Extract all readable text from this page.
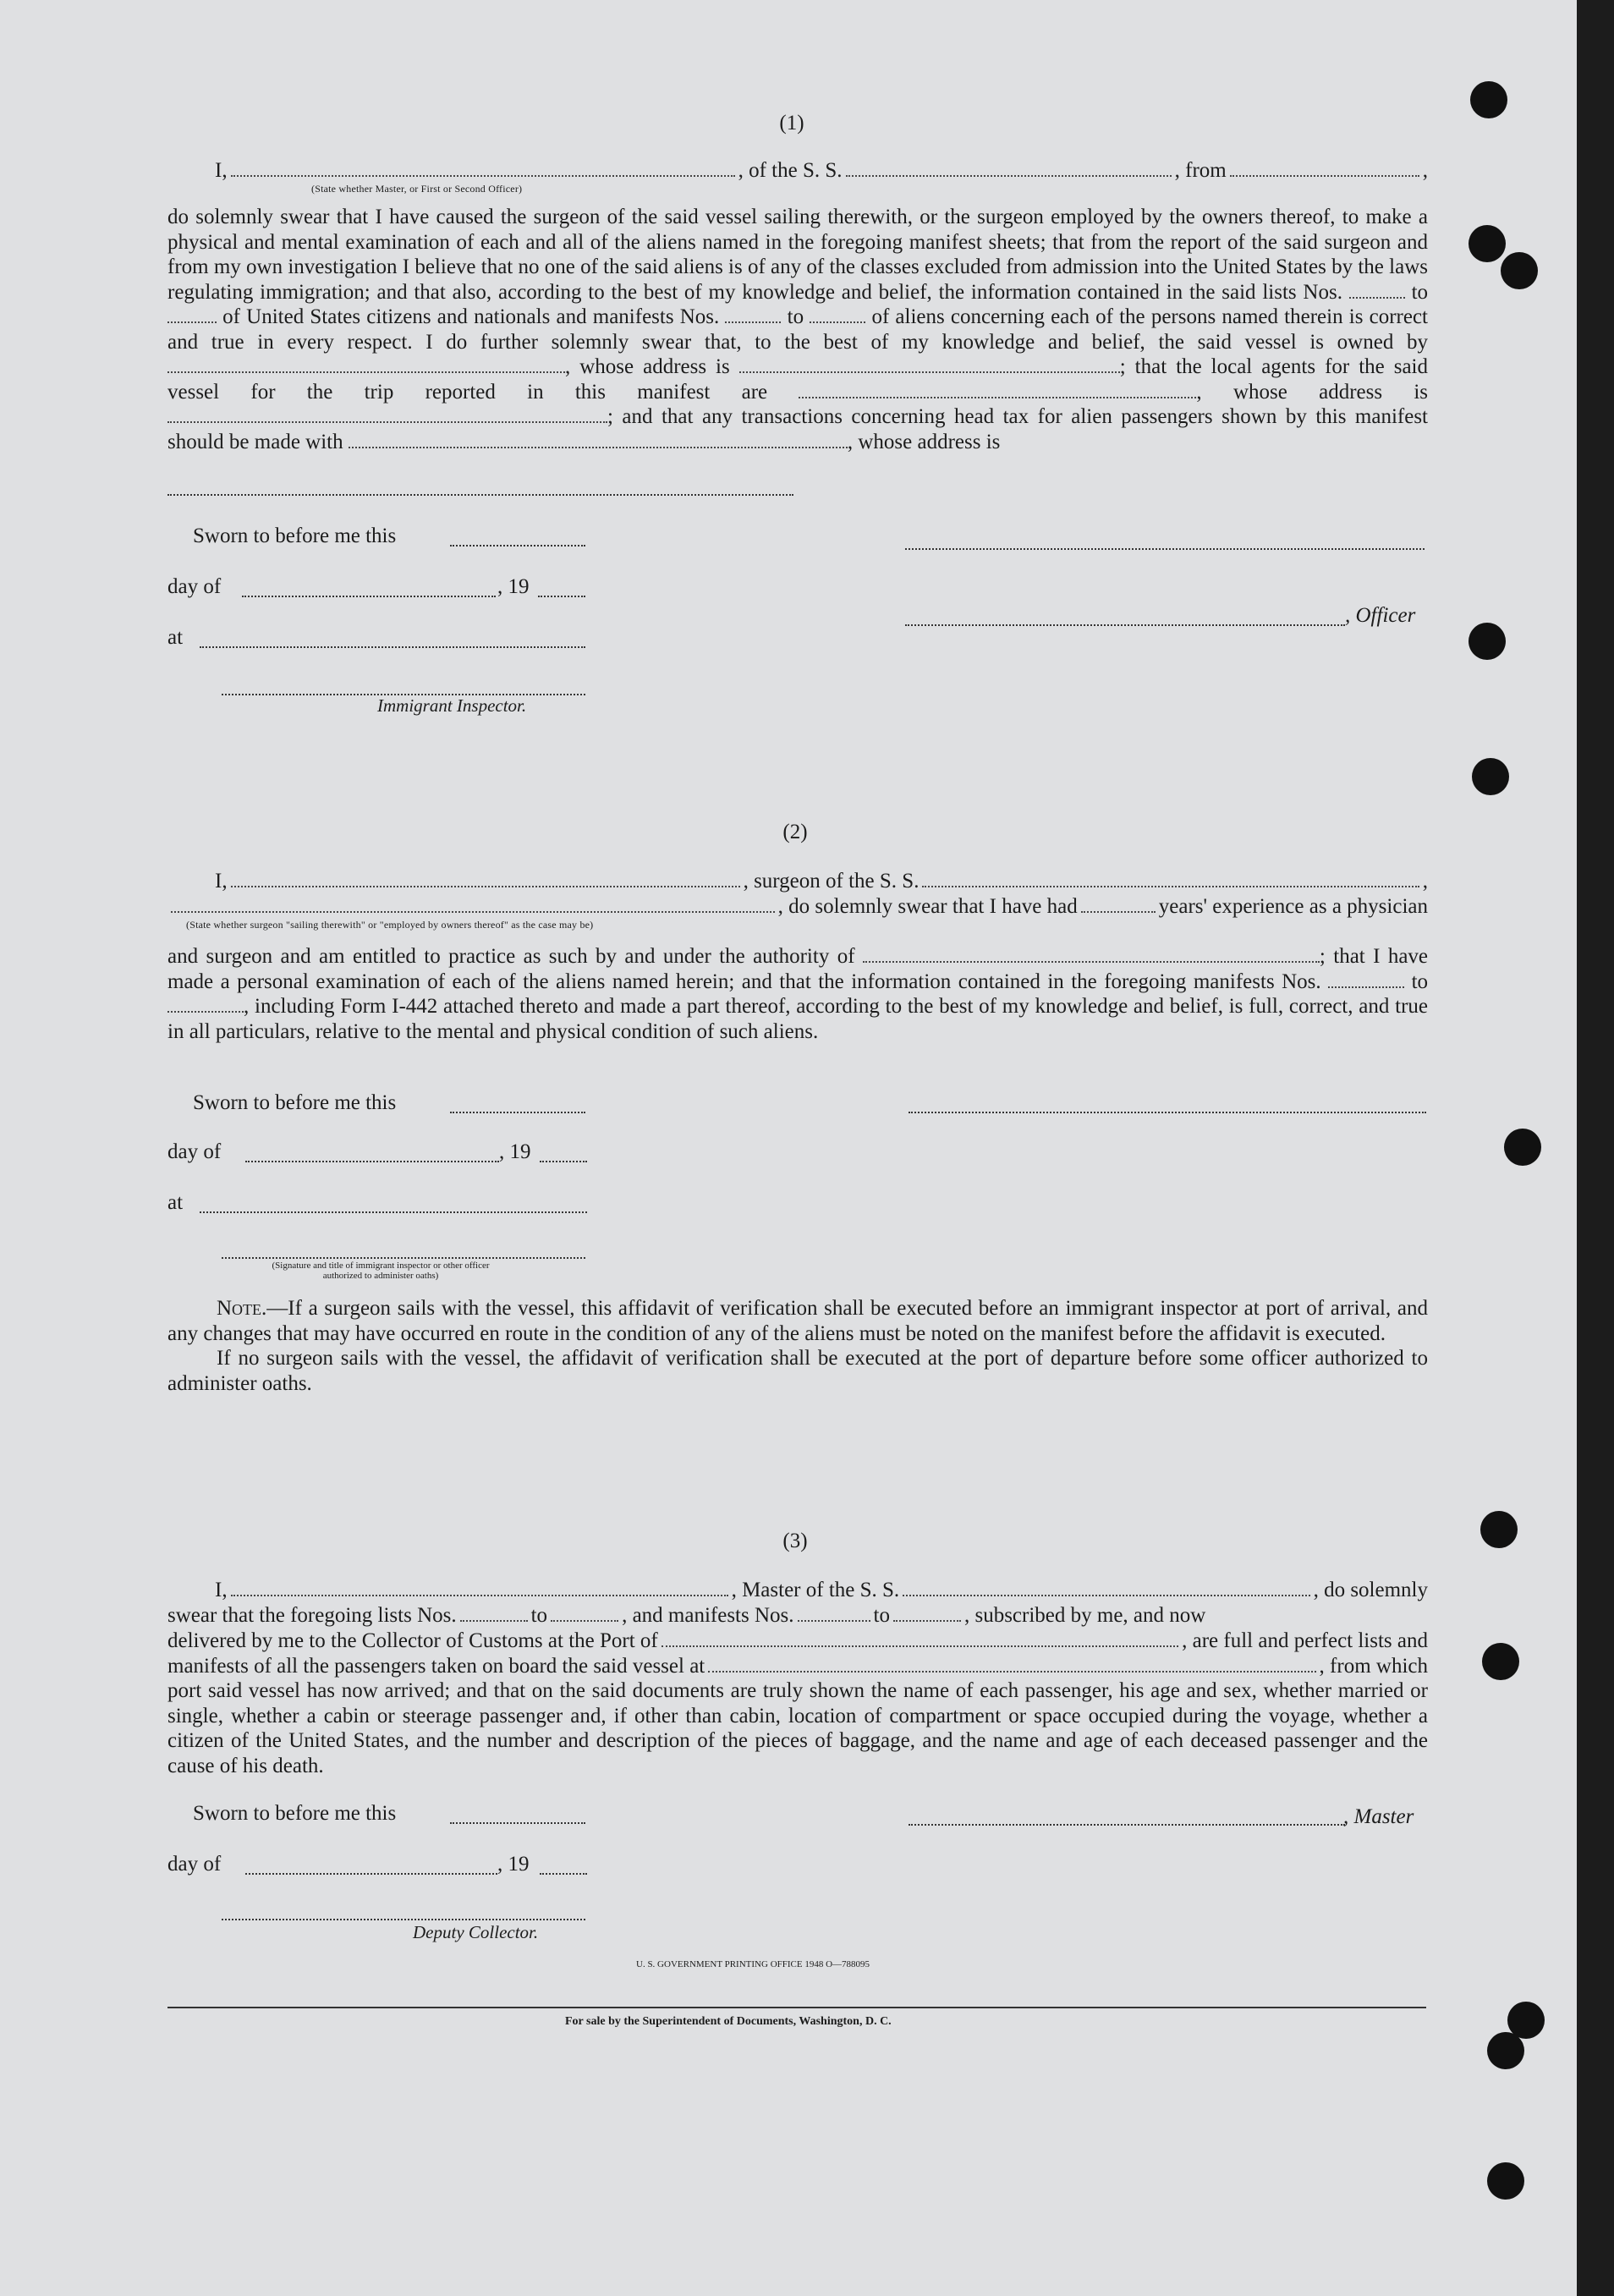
(1)
I,	, of the S. S.	, from	,
(State whether Master, or First or Second Officer)

do solemnly swear that I have caused the surgeon of the said vessel sailing therewith, or the surgeon employed by the owners thereof, to make a physical and mental examination of each and all of the aliens named in the foregoing manifest sheets; that from the report of the said surgeon and from my own investigation I believe that no one of the said aliens is of any of the classes excluded from admission into the United States by the laws regulating immigration; and that also, according to the best of my knowledge and belief, the information contained in the said lists Nos.	to  of United States citizens and nationals and manifests Nos.	to	of aliens concerning each of the persons named therein is correct and true in every respect. I do further solemnly swear that, to the best of my knowledge and belief, the said vessel is owned by , whose address is	; that the local agents for the said vessel for the trip reported in this manifest are	, whose address is ; and that any transactions concerning head tax for alien passengers shown by this manifest should be made with	, whose address is

Sworn to before me this
day of	, 19
at
Immigrant Inspector.
, Officer
(2)
I,	, surgeon of the S. S.	,
, do solemnly swear that I have had	years' experience as a physician
(State whether surgeon "sailing therewith" or "employed by owners thereof" as the case may be)

and surgeon and am entitled to practice as such by and under the authority of	; that I have made a personal examination of each of the aliens named herein; and that the information contained in the foregoing manifests Nos.	to , including Form I-442 attached thereto and made a part thereof, according to the best of my knowledge and belief, is full, correct, and true in all particulars, relative to the mental and physical condition of such aliens.

Sworn to before me this
day of	, 19
at
(Signature and title of immigrant inspector or other officer authorized to administer oaths)

Note.—If a surgeon sails with the vessel, this affidavit of verification shall be executed before an immigrant inspector at port of arrival, and any changes that may have occurred en route in the condition of any of the aliens must be noted on the manifest before the affidavit is executed.

If no surgeon sails with the vessel, the affidavit of verification shall be executed at the port of departure before some officer authorized to administer oaths.

(3)
I,	, Master of the S. S.	, do solemnly
swear that the foregoing lists Nos.	to	, and manifests Nos.	to	, subscribed by me, and now
delivered by me to the Collector of Customs at the Port of	, are full and perfect lists and
manifests of all the passengers taken on board the said vessel at	, from which

port said vessel has now arrived; and that on the said documents are truly shown the name of each passenger, his age and sex, whether married or single, whether a cabin or steerage passenger and, if other than cabin, location of compartment or space occupied during the voyage, whether a citizen of the United States, and the number and description of the pieces of baggage, and the name and age of each deceased passenger and the cause of his death.

Sworn to before me this	, Master
day of	, 19
Deputy Collector.
U. S. GOVERNMENT PRINTING OFFICE 1948 O—788095
For sale by the Superintendent of Documents, Washington, D. C.
